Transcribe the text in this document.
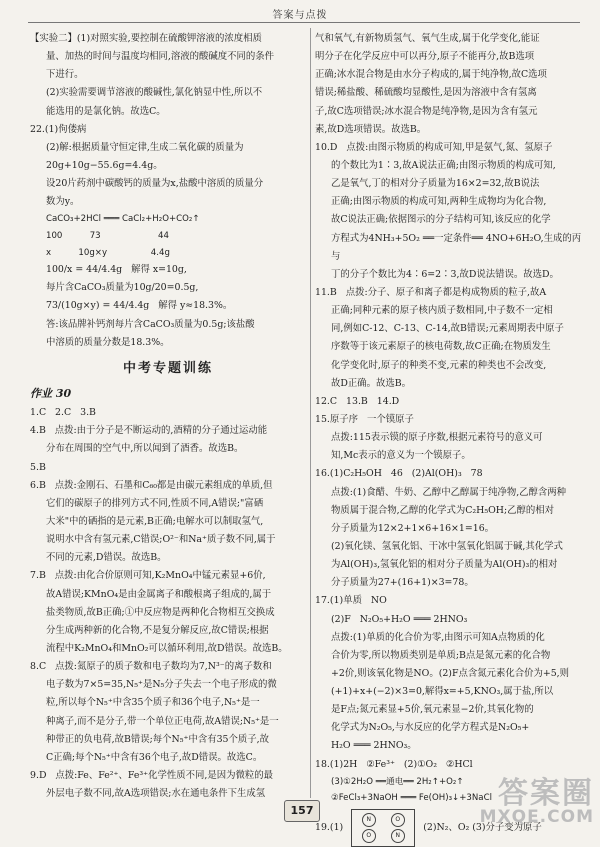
答案与点拨

【实验二】(1)对照实验,要控制在硫酸钾溶液的浓度相质

量、加热的时间与温度均相同,溶液的酸碱度不同的条件

下进行。

(2)实验需要调节溶液的酸碱性,氯化钠显中性,所以不

能选用的是氯化钠。故选C。

22.(1)佝偻病

(2)解:根据质量守恒定律,生成二氧化碳的质量为

20g+10g−55.6g=4.4g。

设20片药剂中碳酸钙的质量为x,盐酸中溶质的质量分

数为y。

CaCO₃+2HCl ═══ CaCl₂+H₂O+CO₂↑

100          73                     44

x          10g×y                4.4g

100/x = 44/4.4g   解得 x=10g,

每片含CaCO₃质量为10g/20=0.5g,

73/(10g×y) = 44/4.4g   解得 y≈18.3%。

答:该品牌补钙剂每片含CaCO₃质量为0.5g;该盐酸

中溶质的质量分数是18.3%。

中考专题训练

作业 30

1.C   2.C   3.B

4.B   点拨:由于分子是不断运动的,酒精的分子通过运动能

分布在周围的空气中,所以闻到了酒香。故选B。

5.B

6.B   点拨:金刚石、石墨和C₆₀都是由碳元素组成的单质,但

它们的碳原子的排列方式不同,性质不同,A错误;"富硒

大米"中的硒指的是元素,B正确;电解水可以制取氢气,

说明水中含有氢元素,C错误;O²⁻和Na⁺质子数不同,属于

不同的元素,D错误。故选B。

7.B   点拨:由化合价原则可知,K₂MnO₄中锰元素显+6价,

故A错误;KMnO₄是由金属离子和酸根离子组成的,属于

盐类物质,故B正确;①中反应物是两种化合物相互交换成

分生成两种新的化合物,不是复分解反应,故C错误;根据

流程中K₂MnO₄和MnO₂可以循环利用,故D错误。故选B。

8.C   点拨:氮原子的质子数和电子数均为7,N³⁻的离子数和

电子数为7×5=35,N₅⁺是N₅分子失去一个电子形成的微

粒,所以每个N₅⁺中含35个质子和36个电子,N₅⁺是一

种离子,而不是分子,带一个单位正电荷,故A错误;N₅⁺是一

种带正的负电荷,故B错误;每个N₅⁺中含有35个质子,故

C正确;每个N₅⁺中含有36个电子,故D错误。故选C。

9.D   点拨:Fe、Fe²⁺、Fe³⁺化学性质不同,是因为微粒的最

外层电子数不同,故A选项错误;水在通电条件下生成氢

气和氧气,有新物质氢气、氧气生成,属于化学变化,能证

明分子在化学反应中可以再分,原子不能再分,故B选项

正确;冰水混合物是由水分子构成的,属于纯净物,故C选项

错误;稀盐酸、稀硫酸均显酸性,是因为溶液中含有氢离

子,故C选项错误;冰水混合物是纯净物,是因为含有氢元

素,故D选项错误。故选B。

10.D   点拨:由图示物质的构成可知,甲是氨气,氮、氢原子

的个数比为1∶3,故A说法正确;由图示物质的构成可知,

乙是氧气,丁的相对分子质量为16×2=32,故B说法

正确;由图示物质的构成可知,两种生成物均为化合物,

故C说法正确;依据图示的分子结构可知,该反应的化学

方程式为4NH₃+5O₂ ══一定条件══ 4NO+6H₂O,生成的丙与

丁的分子个数比为4∶6=2∶3,故D说法错误。故选D。

11.B   点拨:分子、原子和离子都是构成物质的粒子,故A

正确;同种元素的原子核内质子数相同,中子数不一定相

同,例如C-12、C-13、C-14,故B错误;元素周期表中原子

序数等于该元素原子的核电荷数,故C正确;在物质发生

化学变化时,原子的种类不变,元素的种类也不会改变,

故D正确。故选B。

12.C   13.B   14.D

15.原子序   一个镆原子

点拨:115表示镆的原子序数,根据元素符号的意义可

知,Mc表示的意义为一个镆原子。

16.(1)C₂H₅OH   46   (2)Al(OH)₃   78

点拨:(1)食醋、牛奶、乙醇中乙醇属于纯净物,乙醇含两种

物质属于混合物,乙醇的化学式为C₂H₅OH;乙醇的相对

分子质量为12×2+1×6+16×1=16。

(2)氧化镁、氢氧化铝、干冰中氢氧化铝属于碱,其化学式

为Al(OH)₃,氢氧化铝的相对分子质量为Al(OH)₃的相对

分子质量为27+(16+1)×3=78。

17.(1)单质   NO

(2)F   N₂O₅+H₂O ═══ 2HNO₃

点拨:(1)单质的化合价为零,由图示可知A点物质的化

合价为零,所以物质类别是单质;B点是氮元素的化合物

+2价,则该氧化物是NO。(2)F点含氮元素化合价为+5,则

(+1)+x+(−2)×3=0,解得x=+5,KNO₃,属于盐,所以

是F点;氮元素显+5价,氧元素显−2价,其氧化物的

化学式为N₂O₅,与水反应的化学方程式是N₂O₅+

H₂O ═══ 2HNO₃。

18.(1)2H   ②Fe³⁺   (2)①O₂   ②HCl

(3)①2H₂O ══通电══ 2H₂↑+O₂↑

②FeCl₃+3NaOH ═══ Fe(OH)₃↓+3NaCl

19.(1)
N	O
O	N
(2)N₂、O₂ (3)分子变为原子
157	答案圈
MXQE.COM
